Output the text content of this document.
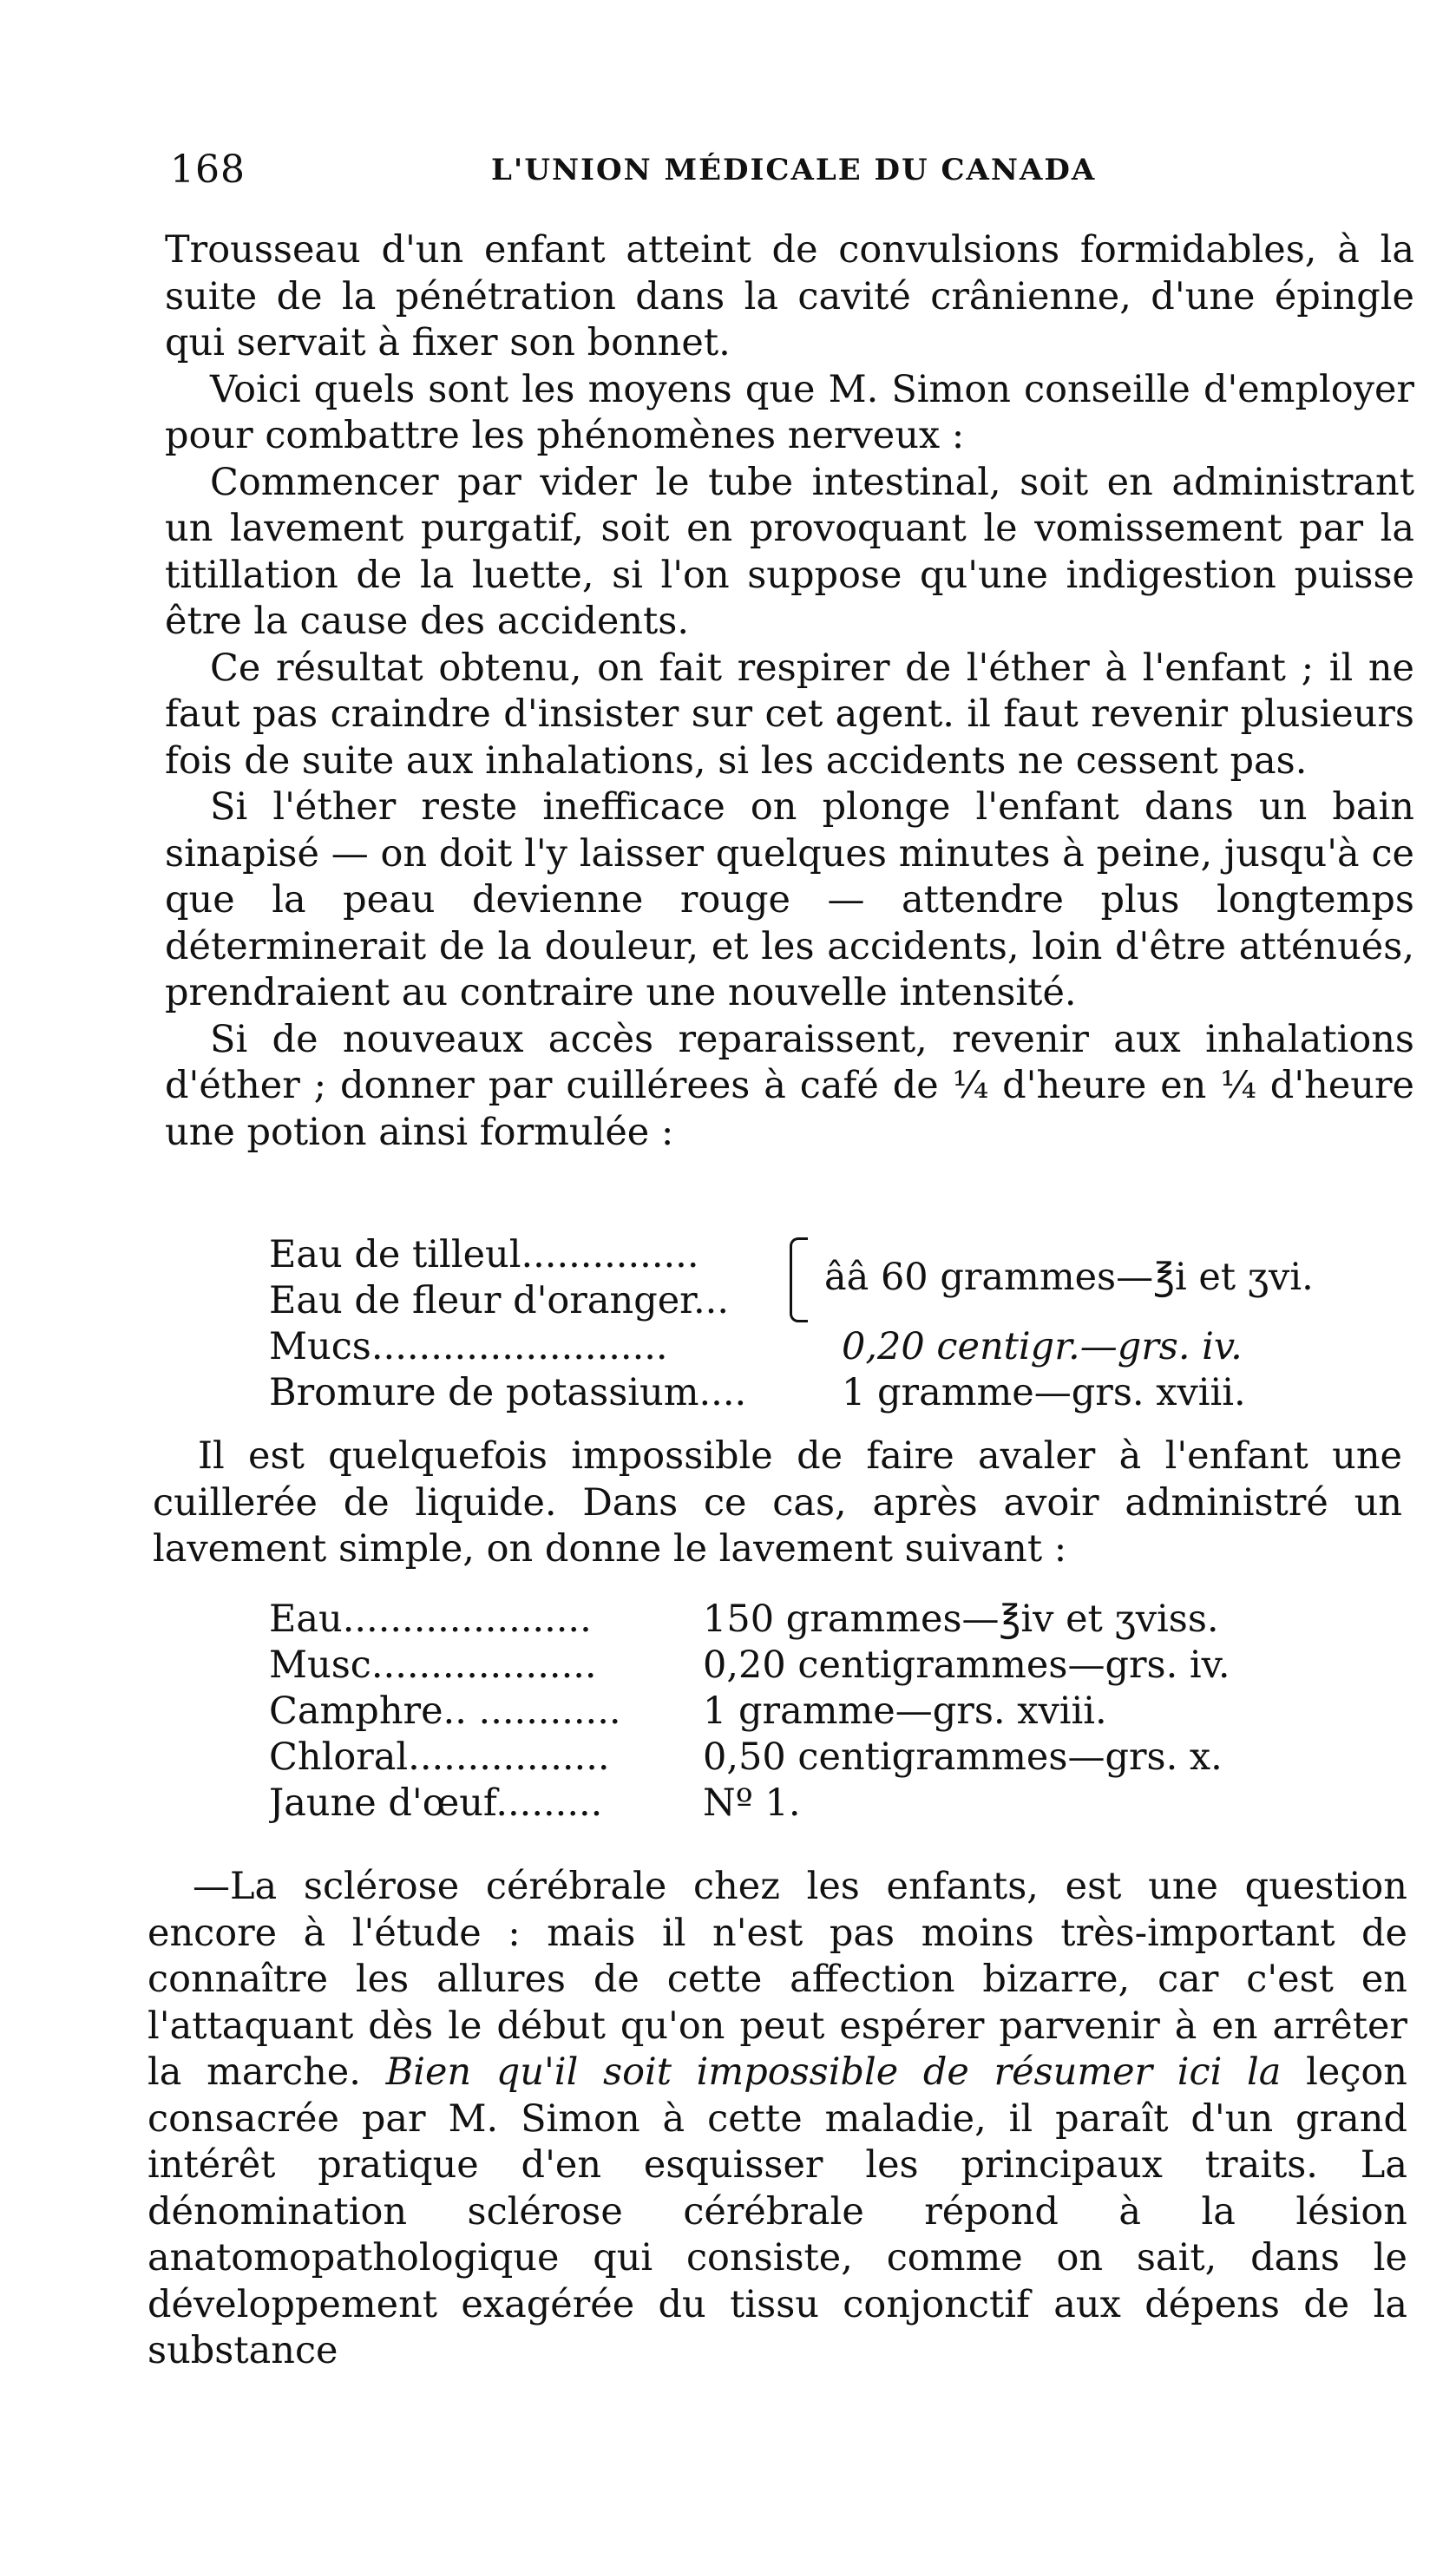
168	L'UNION MÉDICALE DU CANADA

Trousseau d'un enfant atteint de convulsions formidables, à la suite de la pénétration dans la cavité crânienne, d'une épingle qui servait à fixer son bonnet.

Voici quels sont les moyens que M. Simon conseille d'employer pour combattre les phénomènes nerveux :

Commencer par vider le tube intestinal, soit en administrant un lavement purgatif, soit en provoquant le vomissement par la titillation de la luette, si l'on suppose qu'une indigestion puisse être la cause des accidents.

Ce résultat obtenu, on fait respirer de l'éther à l'enfant ; il ne faut pas craindre d'insister sur cet agent. il faut revenir plusieurs fois de suite aux inhalations, si les accidents ne cessent pas.

Si l'éther reste inefficace on plonge l'enfant dans un bain sinapisé — on doit l'y laisser quelques minutes à peine, jusqu'à ce que la peau devienne rouge — attendre plus longtemps déterminerait de la douleur, et les accidents, loin d'être atténués, prendraient au contraire une nouvelle intensité.

Si de nouveaux accès reparaissent, revenir aux inhalations d'éther ; donner par cuillérees à café de ¼ d'heure en ¼ d'heure une potion ainsi formulée :

Eau de tilleul...............
Eau de fleur d'oranger...
ââ 60 grammes—℥i et ʒvi.
Mucs.........................	0,20 centigr.—grs. iv.
Bromure de potassium....	1 gramme—grs. xviii.

Il est quelquefois impossible de faire avaler à l'enfant une cuillerée de liquide. Dans ce cas, après avoir administré un lavement simple, on donne le lavement suivant :

Eau.....................	150 grammes—℥iv et ʒviss.
Musc...................	0,20 centigrammes—grs. iv.
Camphre.. ............	1 gramme—grs. xviii.
Chloral.................	0,50 centigrammes—grs. x.
Jaune d'œuf.........	Nº 1.

—La sclérose cérébrale chez les enfants, est une question encore à l'étude : mais il n'est pas moins très-important de connaître les allures de cette affection bizarre, car c'est en l'attaquant dès le début qu'on peut espérer parvenir à en arrêter la marche. Bien qu'il soit impossible de résumer ici la leçon consacrée par M. Simon à cette maladie, il paraît d'un grand intérêt pratique d'en esquisser les principaux traits. La dénomination sclérose cérébrale répond à la lésion anatomopathologique qui consiste, comme on sait, dans le développement exagérée du tissu conjonctif aux dépens de la substance
